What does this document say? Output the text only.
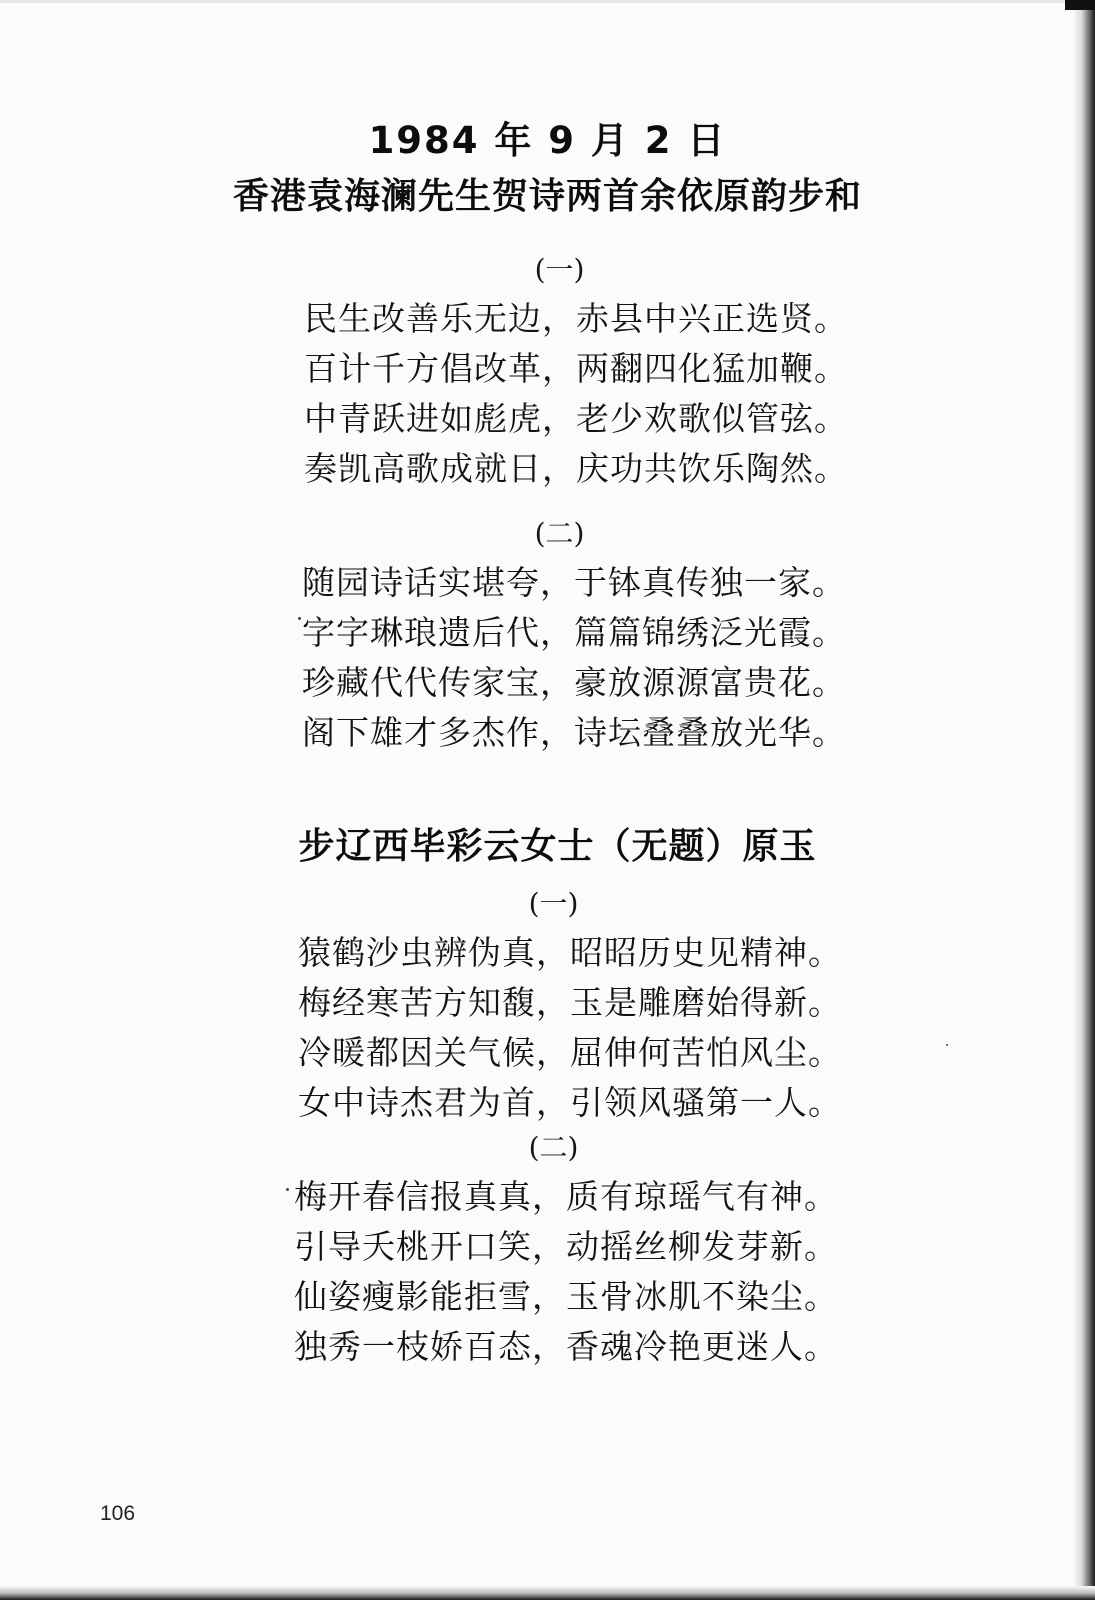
1984 年 9 月 2 日
香港袁海澜先生贺诗两首余依原韵步和
(一)
民生改善乐无边，赤县中兴正选贤。
百计千方倡改革，两翻四化猛加鞭。
中青跃进如彪虎，老少欢歌似管弦。
奏凯高歌成就日，庆功共饮乐陶然。
(二)
随园诗话实堪夸，于钵真传独一家。
字字琳琅遗后代，篇篇锦绣泛光霞。
珍藏代代传家宝，豪放源源富贵花。
阁下雄才多杰作，诗坛叠叠放光华。
步辽西毕彩云女士（无题）原玉
(一)
猿鹤沙虫辨伪真，昭昭历史见精神。
梅经寒苦方知馥，玉是雕磨始得新。
冷暖都因关气候，屈伸何苦怕风尘。
女中诗杰君为首，引领风骚第一人。
(二)
梅开春信报真真，质有琼瑶气有神。
引导夭桃开口笑，动摇丝柳发芽新。
仙姿瘦影能拒雪，玉骨冰肌不染尘。
独秀一枝娇百态，香魂冷艳更迷人。
106
